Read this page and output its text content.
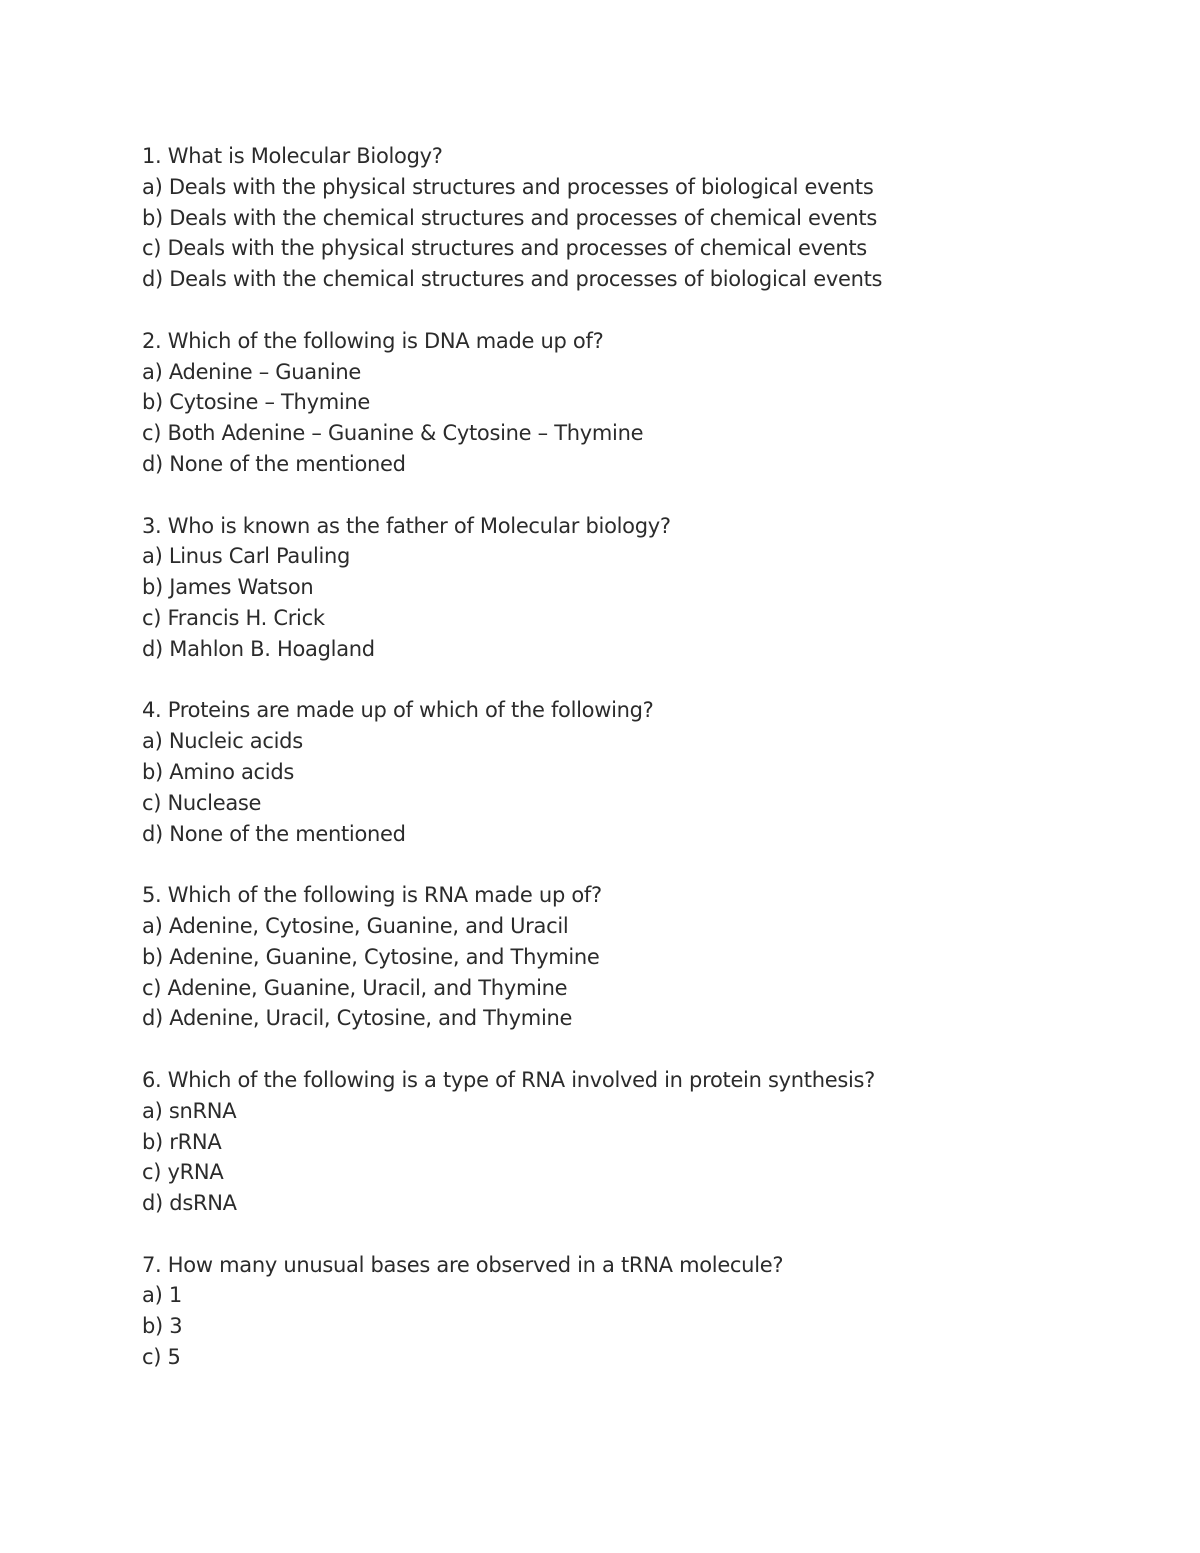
1. What is Molecular Biology?
a) Deals with the physical structures and processes of biological events
b) Deals with the chemical structures and processes of chemical events
c) Deals with the physical structures and processes of chemical events
d) Deals with the chemical structures and processes of biological events
2. Which of the following is DNA made up of?
a) Adenine – Guanine
b) Cytosine – Thymine
c) Both Adenine – Guanine & Cytosine – Thymine
d) None of the mentioned
3. Who is known as the father of Molecular biology?
a) Linus Carl Pauling
b) James Watson
c) Francis H. Crick
d) Mahlon B. Hoagland
4. Proteins are made up of which of the following?
a) Nucleic acids
b) Amino acids
c) Nuclease
d) None of the mentioned
5. Which of the following is RNA made up of?
a) Adenine, Cytosine, Guanine, and Uracil
b) Adenine, Guanine, Cytosine, and Thymine
c) Adenine, Guanine, Uracil, and Thymine
d) Adenine, Uracil, Cytosine, and Thymine
6. Which of the following is a type of RNA involved in protein synthesis?
a) snRNA
b) rRNA
c) yRNA
d) dsRNA
7. How many unusual bases are observed in a tRNA molecule?
a) 1
b) 3
c) 5
